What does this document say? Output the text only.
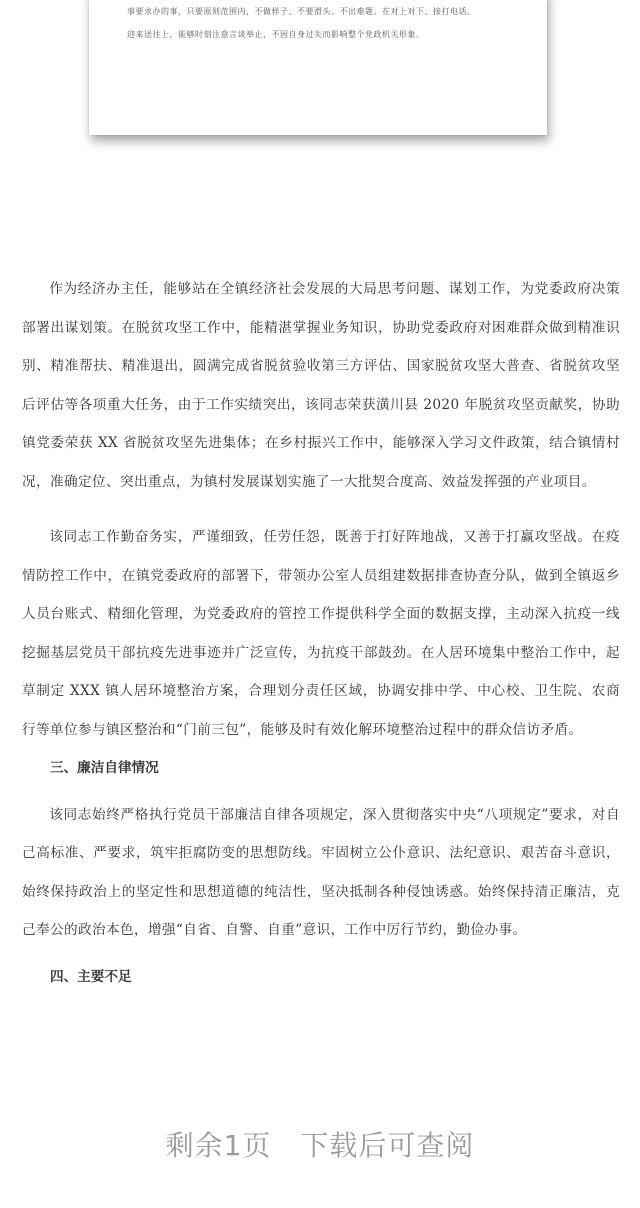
事要求办的事，只要原则范围内，不做样子、不要滑头、不出难题。在对上对下、接打电话、
迎来送往上，能够时刻注意言谈举止，不因自身过失而影响整个党政机关形象。

作为经济办主任，能够站在全镇经济社会发展的大局思考问题、谋划工作，为党委政府决策部署出谋划策。在脱贫攻坚工作中，能精湛掌握业务知识，协助党委政府对困难群众做到精准识别、精准帮扶、精准退出，圆满完成省脱贫验收第三方评估、国家脱贫攻坚大普查、省脱贫攻坚后评估等各项重大任务，由于工作实绩突出，该同志荣获潢川县 2020 年脱贫攻坚贡献奖，协助镇党委荣获 XX 省脱贫攻坚先进集体；在乡村振兴工作中，能够深入学习文件政策，结合镇情村况，准确定位、突出重点，为镇村发展谋划实施了一大批契合度高、效益发挥强的产业项目。

该同志工作勤奋务实，严谨细致，任劳任怨，既善于打好阵地战，又善于打赢攻坚战。在疫情防控工作中，在镇党委政府的部署下，带领办公室人员组建数据排查协查分队，做到全镇返乡人员台账式、精细化管理，为党委政府的管控工作提供科学全面的数据支撑，主动深入抗疫一线挖掘基层党员干部抗疫先进事迹并广泛宣传，为抗疫干部鼓劲。在人居环境集中整治工作中，起草制定 XXX 镇人居环境整治方案，合理划分责任区域，协调安排中学、中心校、卫生院、农商行等单位参与镇区整治和“门前三包”，能够及时有效化解环境整治过程中的群众信访矛盾。

三、廉洁自律情况

该同志始终严格执行党员干部廉洁自律各项规定，深入贯彻落实中央“八项规定”要求，对自己高标准、严要求，筑牢拒腐防变的思想防线。牢固树立公仆意识、法纪意识、艰苦奋斗意识，始终保持政治上的坚定性和思想道德的纯洁性，坚决抵制各种侵蚀诱惑。始终保持清正廉洁，克己奉公的政治本色，增强“自省、自警、自重”意识，工作中厉行节约，勤俭办事。

四、主要不足

剩余1页　下载后可查阅
